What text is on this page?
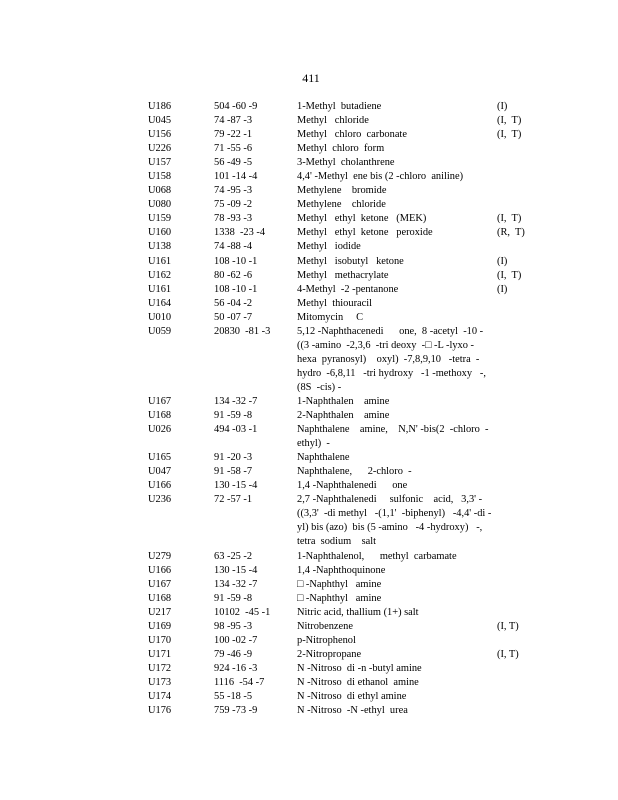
411
U186	504 -60 -9	1-Methyl  butadiene	(I)
U045	74 -87 -3	Methyl   chloride	(I,  T)
U156	79 -22 -1	Methyl   chloro  carbonate	(I,  T)
U226	71 -55 -6	Methyl  chloro  form
U157	56 -49 -5	3-Methyl  cholanthrene
U158	101 -14 -4	4,4' -Methyl  ene bis (2 -chloro  aniline)
U068	74 -95 -3	Methylene    bromide
U080	75 -09 -2	Methylene    chloride
U159	78 -93 -3	Methyl   ethyl  ketone   (MEK)	(I,  T)
U160	1338  -23 -4	Methyl   ethyl  ketone   peroxide	(R,  T)
U138	74 -88 -4	Methyl   iodide
U161	108 -10 -1	Methyl   isobutyl   ketone	(I)
U162	80 -62 -6	Methyl   methacrylate	(I,  T)
U161	108 -10 -1	4-Methyl  -2 -pentanone	(I)
U164	56 -04 -2	Methyl  thiouracil
U010	50 -07 -7	Mitomycin     C
U059	20830  -81 -3	5,12 -Naphthacenedi      one,  8 -acetyl  -10 -
((3 -amino  -2,3,6  -tri deoxy  -□ -L -lyxo -
hexa  pyranosyl)    oxyl)  -7,8,9,10   -tetra  -
hydro  -6,8,11   -tri hydroxy   -1 -methoxy   -,
(8S  -cis) -
U167	134 -32 -7	1-Naphthalen    amine
U168	91 -59 -8	2-Naphthalen    amine
U026	494 -03 -1	Naphthalene    amine,    N,N' -bis(2  -chloro  -
ethyl)  -
U165	91 -20 -3	Naphthalene
U047	91 -58 -7	Naphthalene,      2-chloro  -
U166	130 -15 -4	1,4 -Naphthalenedi      one
U236	72 -57 -1	2,7 -Naphthalenedi     sulfonic    acid,   3,3' -
((3,3'  -di methyl   -(1,1'  -biphenyl)   -4,4' -di -
yl) bis (azo)  bis (5 -amino   -4 -hydroxy)   -,
tetra  sodium    salt
U279	63 -25 -2	1-Naphthalenol,      methyl  carbamate
U166	130 -15 -4	1,4 -Naphthoquinone
U167	134 -32 -7	□ -Naphthyl   amine
U168	91 -59 -8	□ -Naphthyl   amine
U217	10102  -45 -1	Nitric acid, thallium (1+) salt
U169	98 -95 -3	Nitrobenzene	(I, T)
U170	100 -02 -7	p-Nitrophenol
U171	79 -46 -9	2-Nitropropane	(I, T)
U172	924 -16 -3	N -Nitroso  di -n -butyl amine
U173	1116  -54 -7	N -Nitroso  di ethanol  amine
U174	55 -18 -5	N -Nitroso  di ethyl amine
U176	759 -73 -9	N -Nitroso  -N -ethyl  urea
